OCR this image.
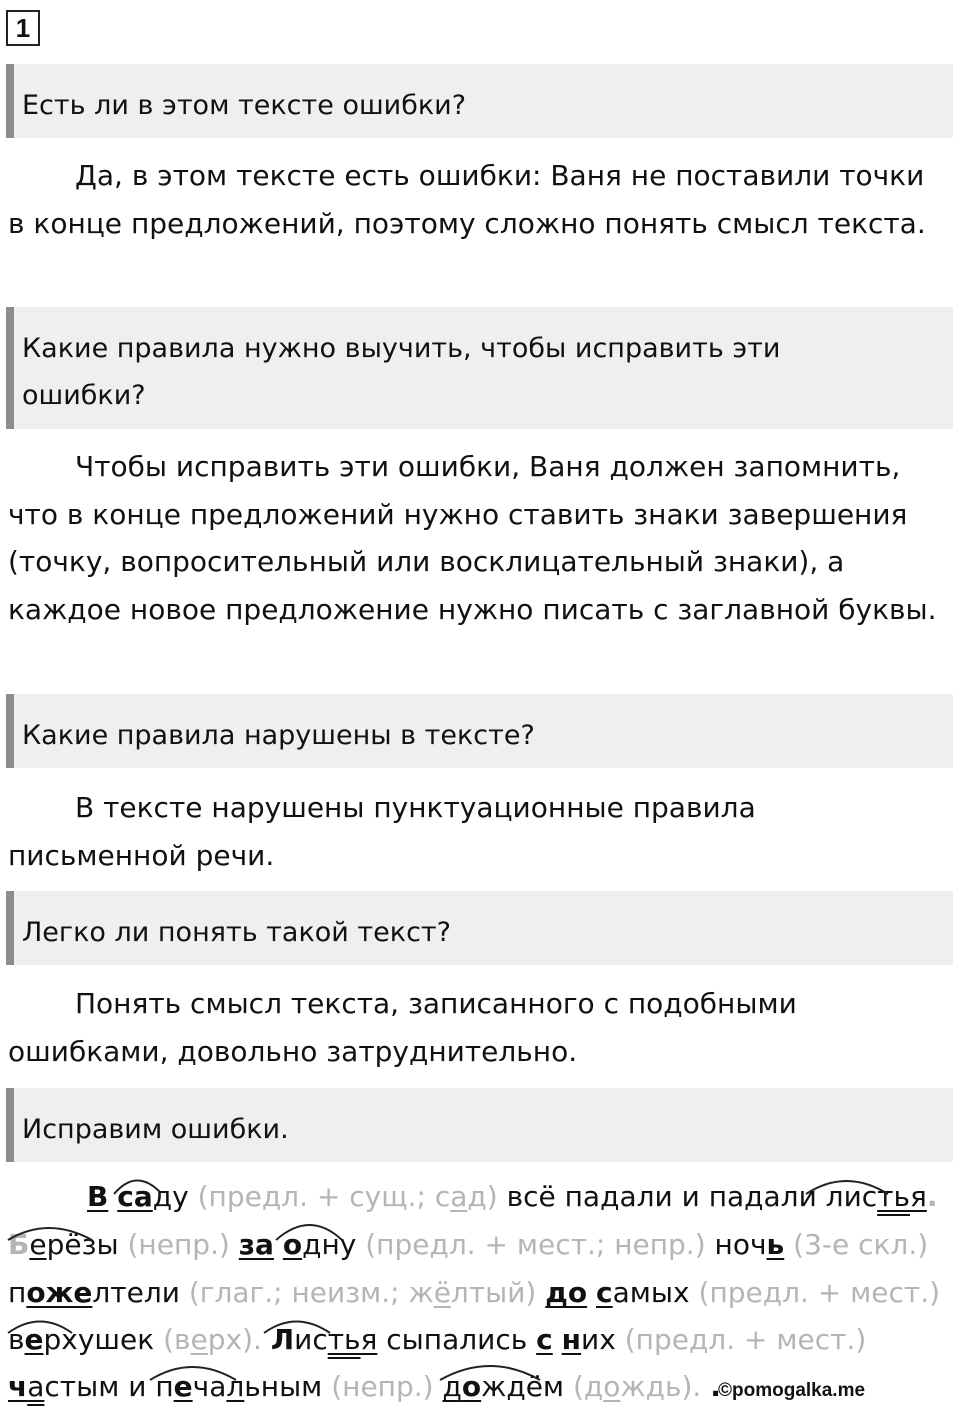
1
Есть ли в этом тексте ошибки?
Да, в этом тексте есть ошибки: Ваня не поставили точки в конце предложений, поэтому сложно понять смысл текста.
Какие правила нужно выучить, чтобы исправить эти
ошибки?
Чтобы исправить эти ошибки, Ваня должен запомнить, что в конце предложений нужно ставить знаки завершения (точку, вопросительный или восклицательный знаки), а каждое новое предложение нужно писать с заглавной буквы.
Какие правила нарушены в тексте?
В тексте нарушены пунктуационные правила письменной речи.
Легко ли понять такой текст?
Понять смысл текста, записанного с подобными ошибками, довольно затруднительно.
Исправим ошибки.
В саду (предл. + сущ.; сад) всё падали и падали листья.
Берёзы (непр.) за одну (предл. + мест.; непр.) ночь (3-е скл.)
пожелтели (глаг.; неизм.; жёлтый) до самых (предл. + мест.)
верхушек (верх). Листья сыпались с них (предл. + мест.)
частым и печальным (непр.) дождём (дождь). .
©pomogalka.me
